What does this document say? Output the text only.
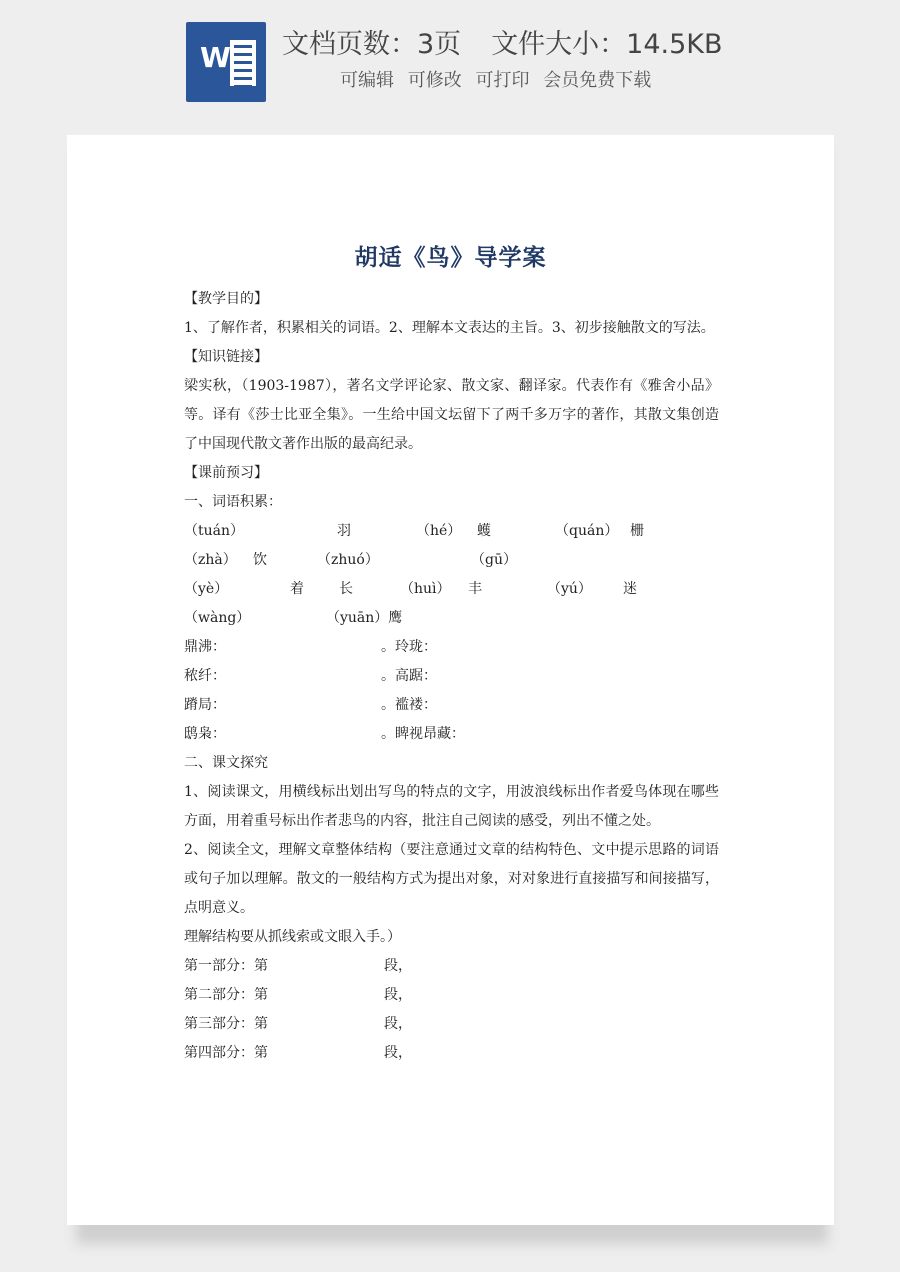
W 文档页数：3页 文件大小：14.5KB
可编辑 可修改 可打印 会员免费下载
胡适《鸟》导学案
【教学目的】
1、了解作者，积累相关的词语。2、理解本文表达的主旨。3、初步接触散文的写法。
【知识链接】
梁实秋，（1903-1987），著名文学评论家、散文家、翻译家。代表作有《雅舍小品》等。译有《莎士比亚全集》。一生给中国文坛留下了两千多万字的著作，其散文集创造了中国现代散文著作出版的最高纪录。
【课前预习】
一、词语积累：
（tuán）	羽	（hé） 蠖	（quán） 栅
（zhà） 饮	（zhuó）	（gū）
（yè）	着	长	（huì） 丰	（yú） 迷
（wàng）	（yuān）鹰
鼎沸：	。玲珑：
秾纤：	。高踞：
蹐局：	。褴褛：
鸱枭：	。睥视昂藏：
二、课文探究
1、阅读课文，用横线标出划出写鸟的特点的文字，用波浪线标出作者爱鸟体现在哪些方面，用着重号标出作者悲鸟的内容，批注自己阅读的感受，列出不懂之处。
2、阅读全文，理解文章整体结构（要注意通过文章的结构特色、文中提示思路的词语或句子加以理解。散文的一般结构方式为提出对象，对对象进行直接描写和间接描写，点明意义。
理解结构要从抓线索或文眼入手。）
第一部分：第	段，
第二部分：第	段，
第三部分：第	段，
第四部分：第	段，
